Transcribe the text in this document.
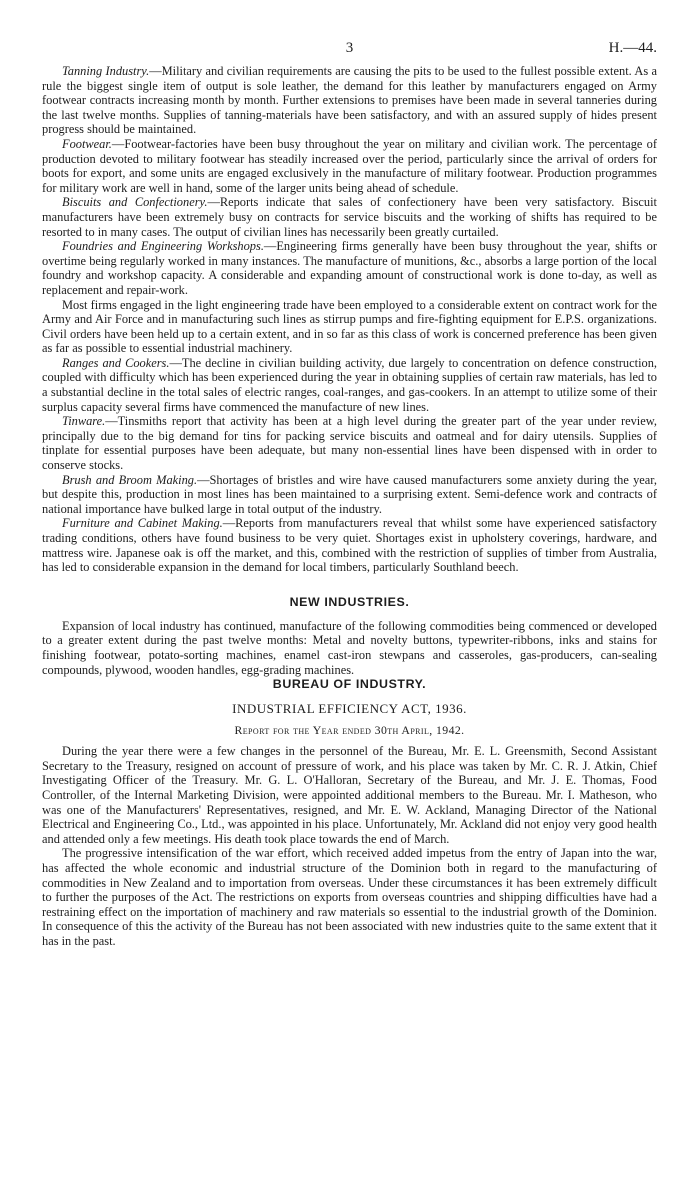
3	H.—44.

Tanning Industry.—Military and civilian requirements are causing the pits to be used to the fullest possible extent. As a rule the biggest single item of output is sole leather, the demand for this leather by manufacturers engaged on Army footwear contracts increasing month by month. Further extensions to premises have been made in several tanneries during the last twelve months. Supplies of tanning-materials have been satisfactory, and with an assured supply of hides present progress should be maintained.

Footwear.—Footwear-factories have been busy throughout the year on military and civilian work. The percentage of production devoted to military footwear has steadily increased over the period, particularly since the arrival of orders for boots for export, and some units are engaged exclusively in the manufacture of military footwear. Production programmes for military work are well in hand, some of the larger units being ahead of schedule.

Biscuits and Confectionery.—Reports indicate that sales of confectionery have been very satisfactory. Biscuit manufacturers have been extremely busy on contracts for service biscuits and the working of shifts has required to be resorted to in many cases. The output of civilian lines has necessarily been greatly curtailed.

Foundries and Engineering Workshops.—Engineering firms generally have been busy throughout the year, shifts or overtime being regularly worked in many instances. The manufacture of munitions, &c., absorbs a large portion of the local foundry and workshop capacity. A considerable and expanding amount of constructional work is done to-day, as well as replacement and repair-work.

Most firms engaged in the light engineering trade have been employed to a considerable extent on contract work for the Army and Air Force and in manufacturing such lines as stirrup pumps and fire-fighting equipment for E.P.S. organizations. Civil orders have been held up to a certain extent, and in so far as this class of work is concerned preference has been given as far as possible to essential industrial machinery.

Ranges and Cookers.—The decline in civilian building activity, due largely to concentration on defence construction, coupled with difficulty which has been experienced during the year in obtaining supplies of certain raw materials, has led to a substantial decline in the total sales of electric ranges, coal-ranges, and gas-cookers. In an attempt to utilize some of their surplus capacity several firms have commenced the manufacture of new lines.

Tinware.—Tinsmiths report that activity has been at a high level during the greater part of the year under review, principally due to the big demand for tins for packing service biscuits and oatmeal and for dairy utensils. Supplies of tinplate for essential purposes have been adequate, but many non-essential lines have been dispensed with in order to conserve stocks.

Brush and Broom Making.—Shortages of bristles and wire have caused manufacturers some anxiety during the year, but despite this, production in most lines has been maintained to a surprising extent. Semi-defence work and contracts of national importance have bulked large in total output of the industry.

Furniture and Cabinet Making.—Reports from manufacturers reveal that whilst some have experienced satisfactory trading conditions, others have found business to be very quiet. Shortages exist in upholstery coverings, hardware, and mattress wire. Japanese oak is off the market, and this, combined with the restriction of supplies of timber from Australia, has led to considerable expansion in the demand for local timbers, particularly Southland beech.

NEW INDUSTRIES.

Expansion of local industry has continued, manufacture of the following commodities being commenced or developed to a greater extent during the past twelve months: Metal and novelty buttons, typewriter-ribbons, inks and stains for finishing footwear, potato-sorting machines, enamel cast-iron stewpans and casseroles, gas-producers, can-sealing compounds, plywood, wooden handles, egg-grading machines.

BUREAU OF INDUSTRY.
INDUSTRIAL EFFICIENCY ACT, 1936.
Report for the Year ended 30th April, 1942.

During the year there were a few changes in the personnel of the Bureau, Mr. E. L. Greensmith, Second Assistant Secretary to the Treasury, resigned on account of pressure of work, and his place was taken by Mr. C. R. J. Atkin, Chief Investigating Officer of the Treasury. Mr. G. L. O'Halloran, Secretary of the Bureau, and Mr. J. E. Thomas, Food Controller, of the Internal Marketing Division, were appointed additional members to the Bureau. Mr. I. Matheson, who was one of the Manufacturers' Representatives, resigned, and Mr. E. W. Ackland, Managing Director of the National Electrical and Engineering Co., Ltd., was appointed in his place. Unfortunately, Mr. Ackland did not enjoy very good health and attended only a few meetings. His death took place towards the end of March.

The progressive intensification of the war effort, which received added impetus from the entry of Japan into the war, has affected the whole economic and industrial structure of the Dominion both in regard to the manufacturing of commodities in New Zealand and to importation from overseas. Under these circumstances it has been extremely difficult to further the purposes of the Act. The restrictions on exports from overseas countries and shipping difficulties have had a restraining effect on the importation of machinery and raw materials so essential to the industrial growth of the Dominion. In consequence of this the activity of the Bureau has not been associated with new industries quite to the same extent that it has in the past.
